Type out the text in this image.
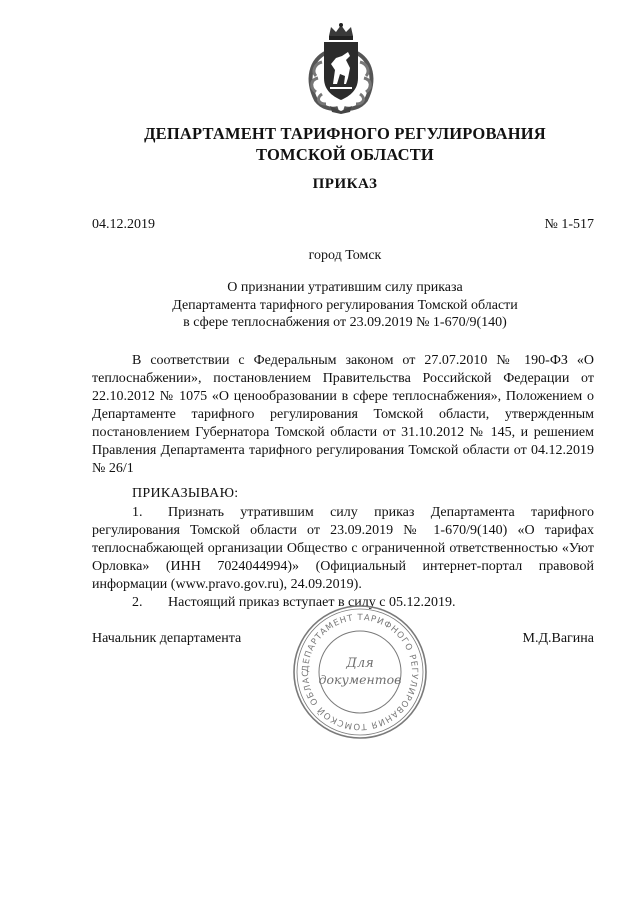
ДЕПАРТАМЕНТ ТАРИФНОГО РЕГУЛИРОВАНИЯ
ТОМСКОЙ ОБЛАСТИ
ПРИКАЗ
04.12.2019	№ 1-517
город Томск
О признании утратившим силу приказа
Департамента тарифного регулирования Томской области
в сфере теплоснабжения от 23.09.2019 № 1-670/9(140)

В соответствии с Федеральным законом от 27.07.2010 № 190-ФЗ «О теплоснабжении», постановлением Правительства Российской Федерации от 22.10.2012 № 1075 «О ценообразовании в сфере теплоснабжения», Положением о Департаменте тарифного регулирования Томской области, утвержденным постановлением Губернатора Томской области от 31.10.2012 № 145, и решением Правления Департамента тарифного регулирования Томской области от 04.12.2019 № 26/1

ПРИКАЗЫВАЮ:

1. Признать утратившим силу приказ Департамента тарифного регулирования Томской области от 23.09.2019 № 1-670/9(140) «О тарифах теплоснабжающей организации Общество с ограниченной ответственностью «Уют Орловка» (ИНН 7024044994)» (Официальный интернет-портал правовой информации (www.pravo.gov.ru), 24.09.2019).

2. Настоящий приказ вступает в силу с 05.12.2019.

Начальник департамента	М.Д.Вагина
ДЕПАРТАМЕНТ ТАРИФНОГО РЕГУЛИРОВАНИЯ ТОМСКОЙ ОБЛАС
Для
документов
